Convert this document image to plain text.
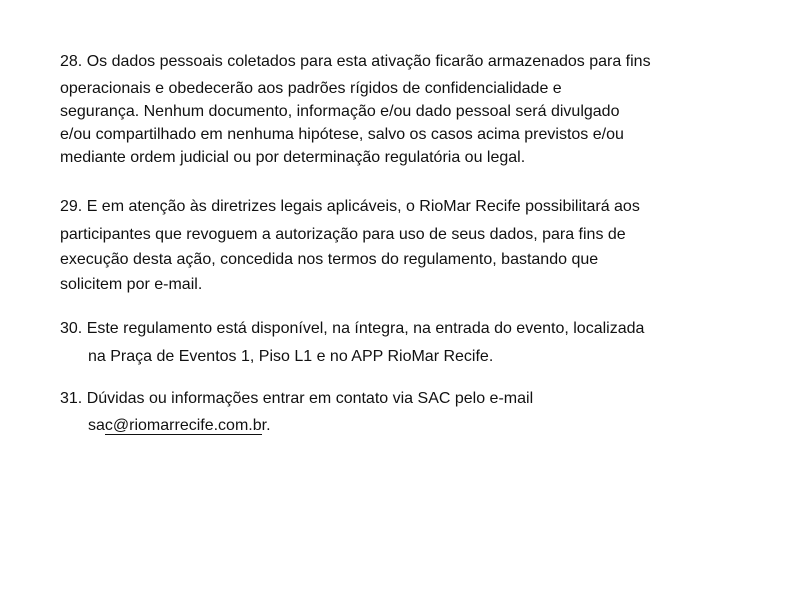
28. Os dados pessoais coletados para esta ativação ficarão armazenados para fins
operacionais e obedecerão aos padrões rígidos de confidencialidade e
segurança. Nenhum documento, informação e/ou dado pessoal será divulgado
e/ou compartilhado em nenhuma hipótese, salvo os casos acima previstos e/ou
mediante ordem judicial ou por determinação regulatória ou legal.
29. E em atenção às diretrizes legais aplicáveis, o RioMar Recife possibilitará aos
participantes que revoguem a autorização para uso de seus dados, para fins de
execução desta ação, concedida nos termos do regulamento, bastando que
solicitem por e-mail.
30. Este regulamento está disponível, na íntegra, na entrada do evento, localizada
na Praça de Eventos 1, Piso L1 e no APP RioMar Recife.
31. Dúvidas ou informações entrar em contato via SAC pelo e-mail
sac@riomarrecife.com.br.
